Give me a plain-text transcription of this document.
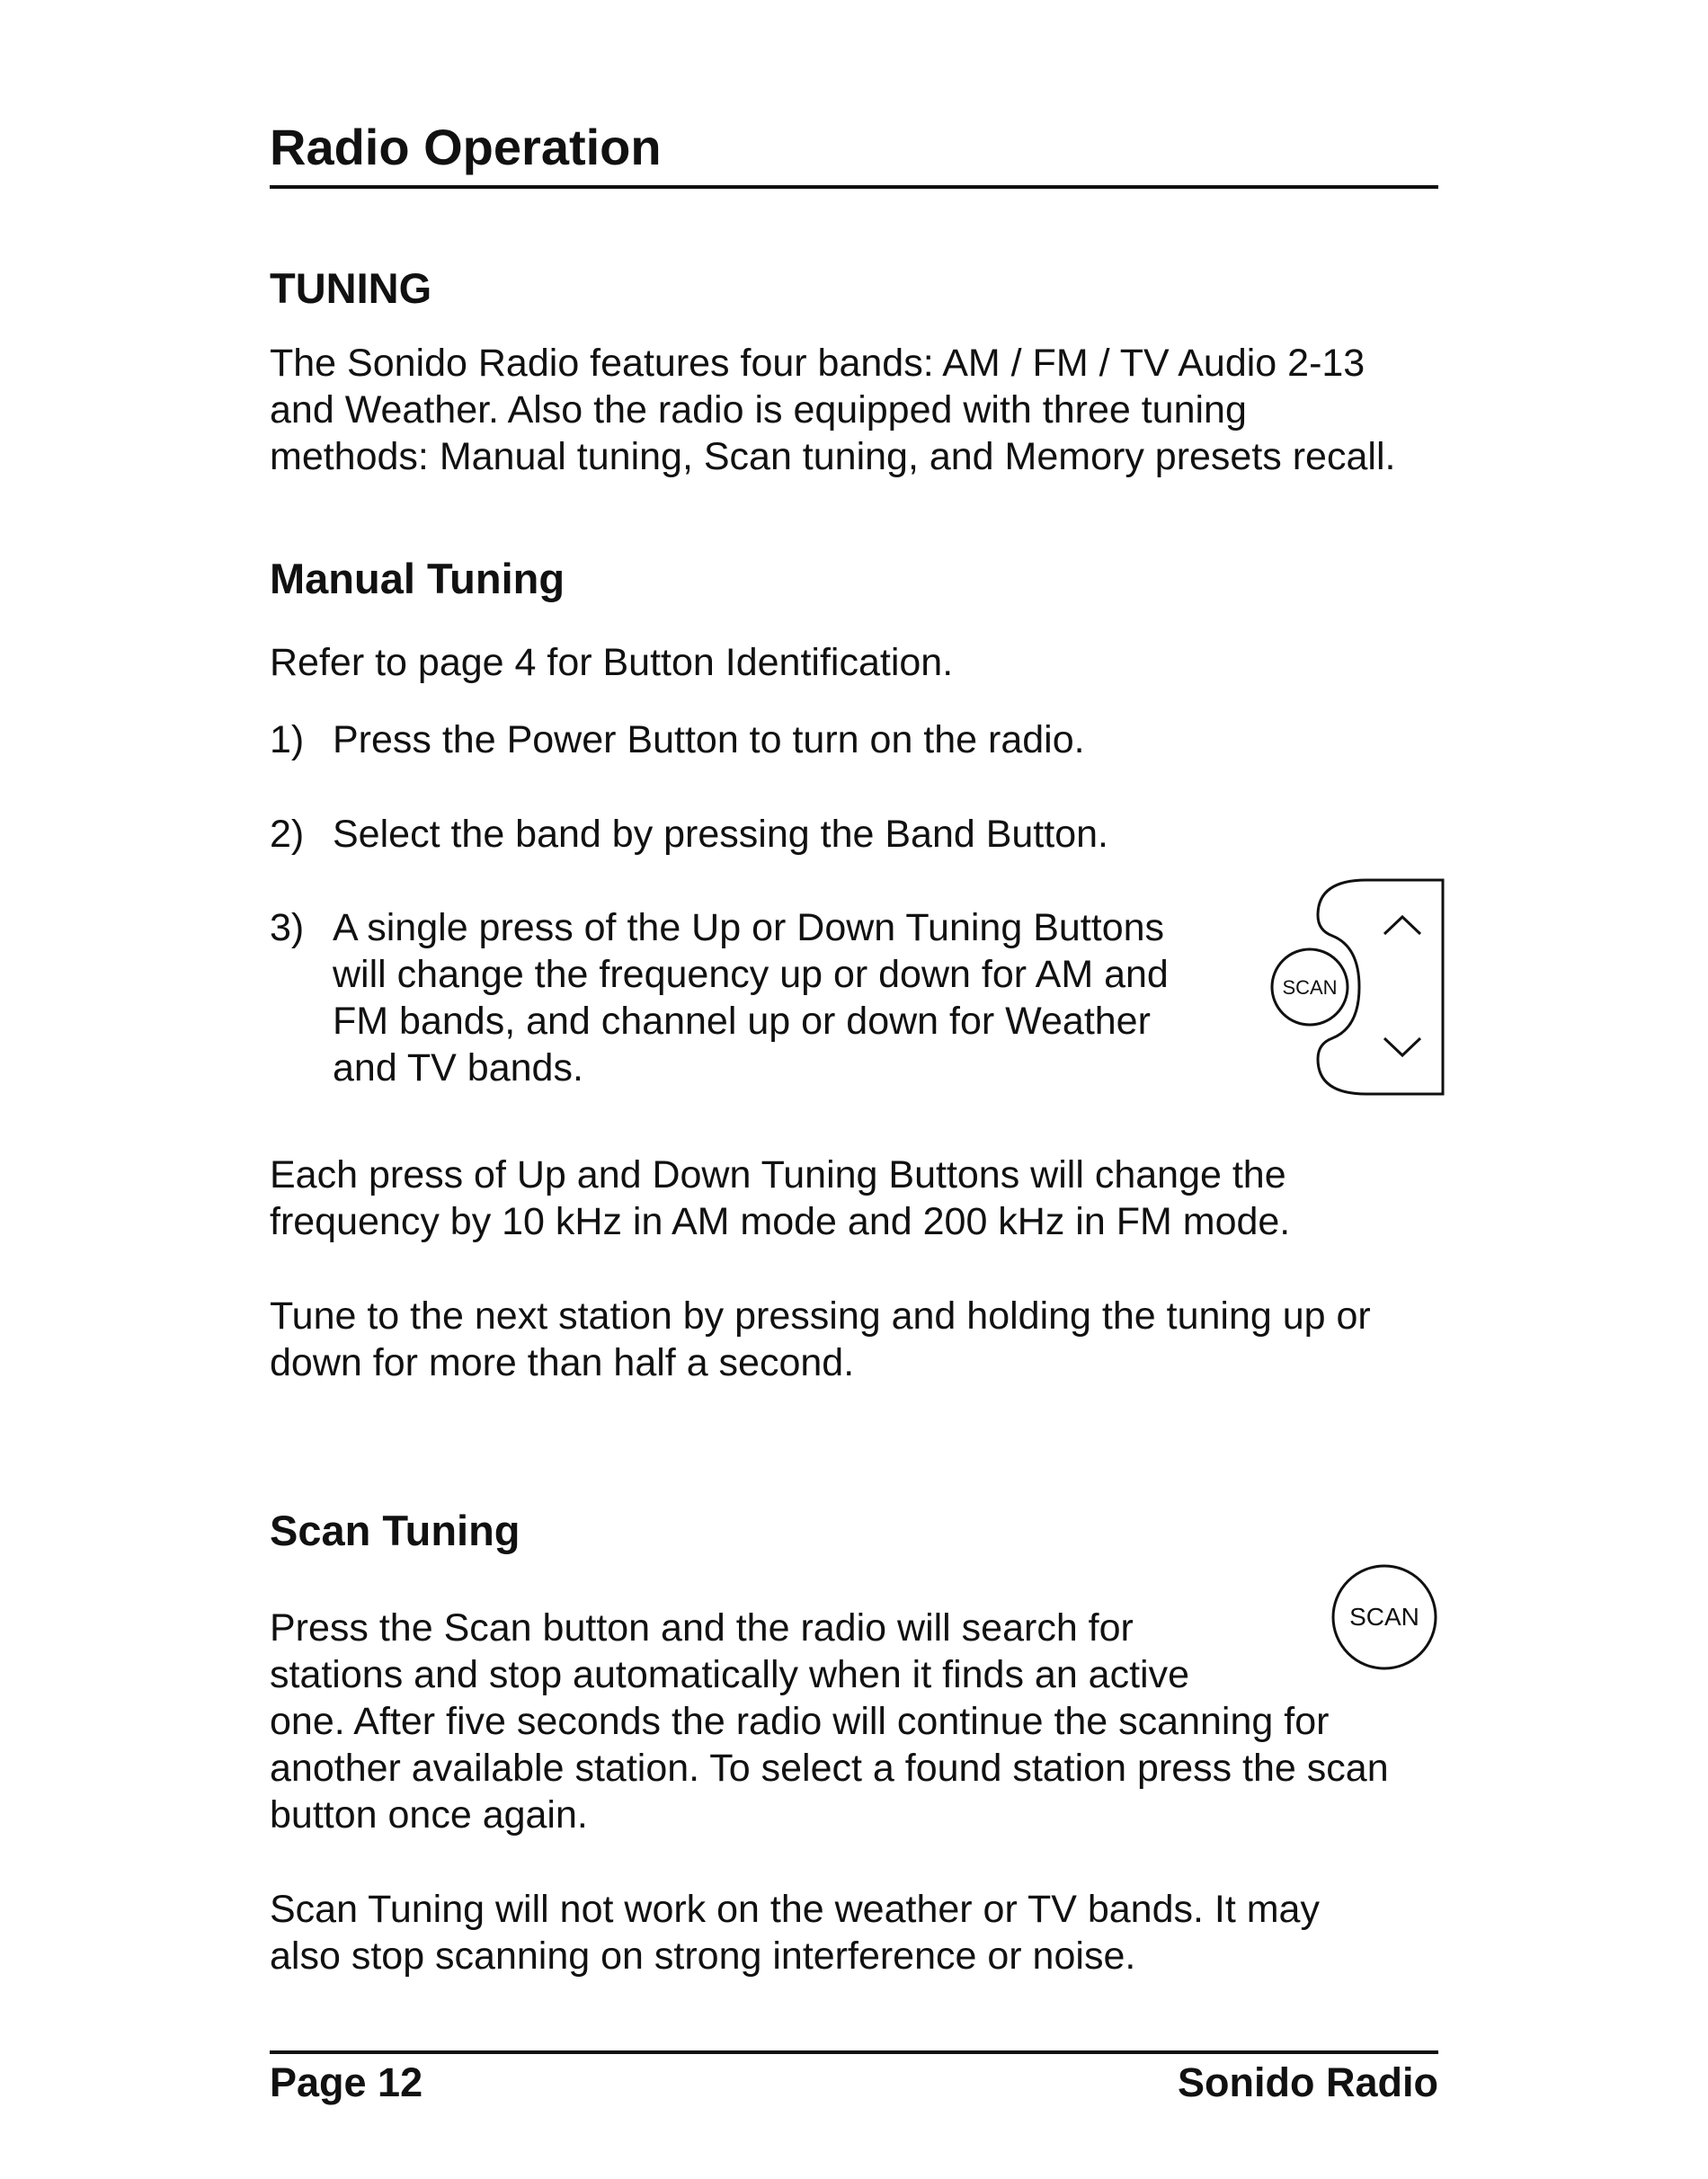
Radio Operation
TUNING

The Sonido Radio features four bands: AM / FM / TV Audio 2-13
and Weather. Also the radio is equipped with three tuning
methods: Manual tuning, Scan tuning, and Memory presets recall.

Manual Tuning

Refer to page 4 for Button Identification.

1) Press the Power Button to turn on the radio.

2) Select the band by pressing the Band Button.

3) A single press of the Up or Down Tuning Buttons
will change the frequency up or down for AM and
FM bands, and channel up or down for Weather
and TV bands.

SCAN

Each press of Up and Down Tuning Buttons will change the
frequency by 10 kHz in AM mode and 200 kHz in FM mode.

Tune to the next station by pressing and holding the tuning up or
down for more than half a second.

Scan Tuning
SCAN

Press the Scan button and the radio will search for
stations and stop automatically when it finds an active
one. After five seconds the radio will continue the scanning for
another available station. To select a found station press the scan
button once again.

Scan Tuning will not work on the weather or TV bands. It may
also stop scanning on strong interference or noise.

Page 12	Sonido Radio
